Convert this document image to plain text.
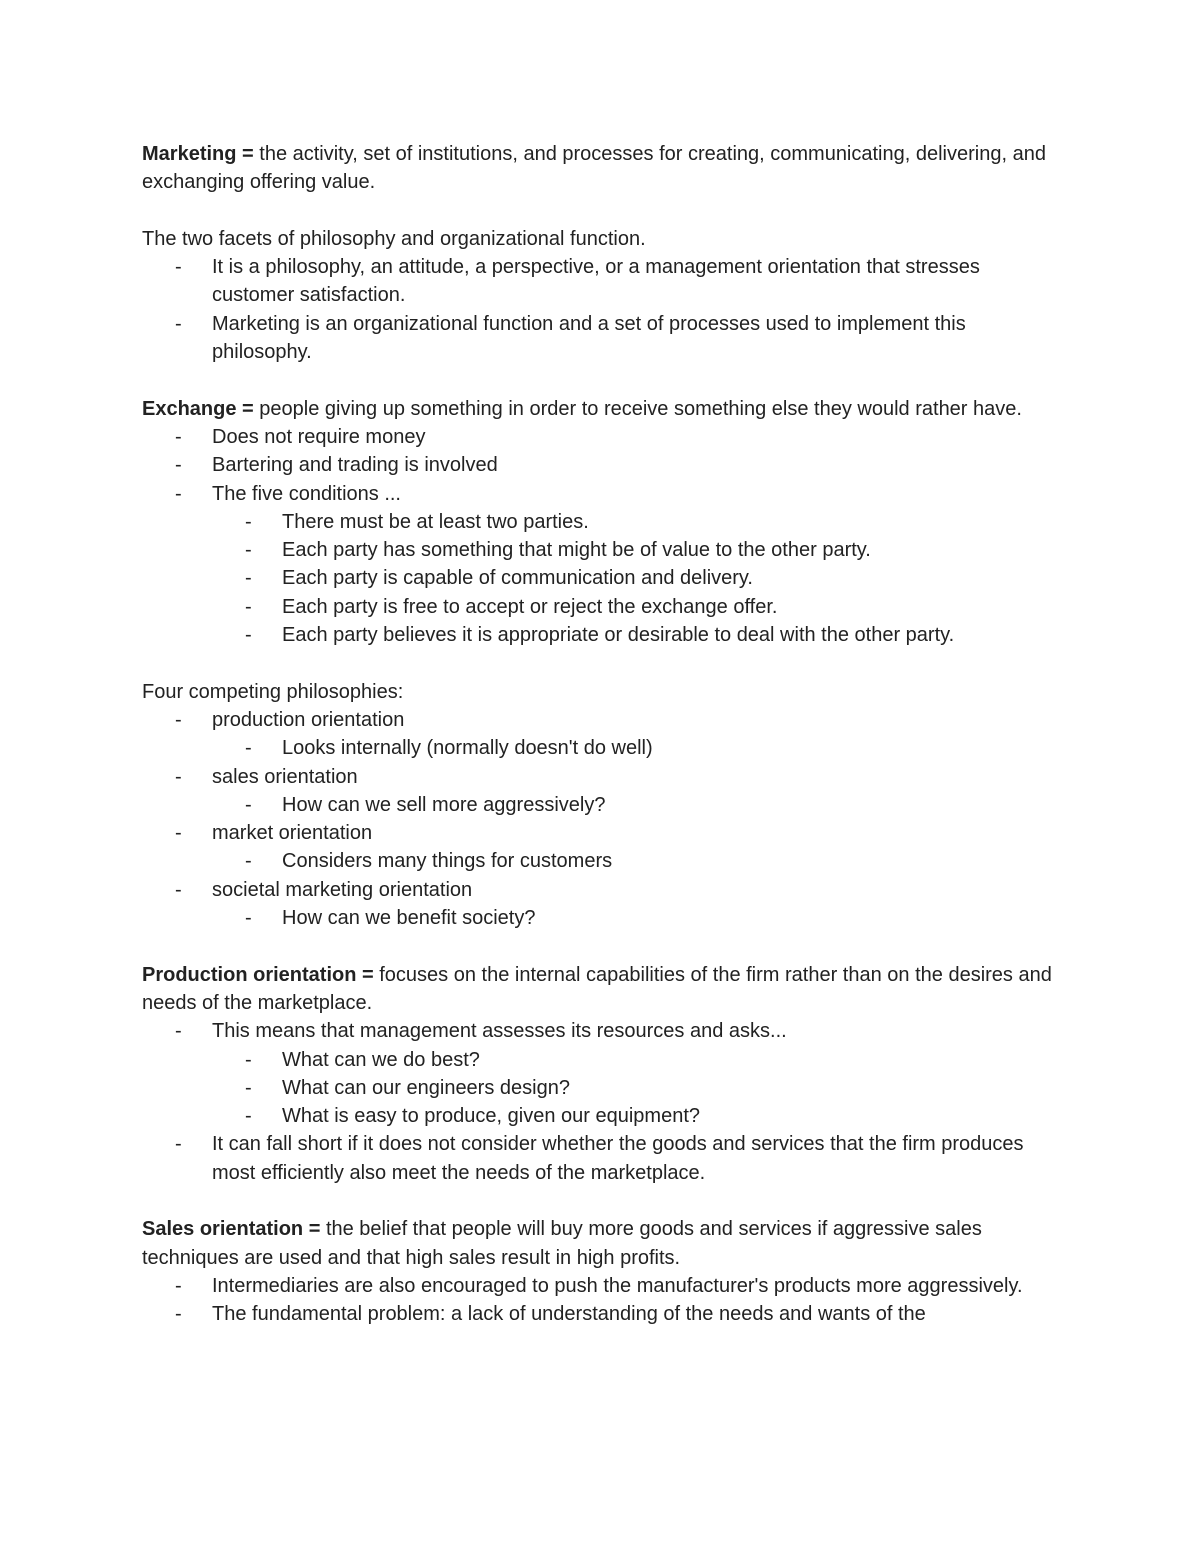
Marketing = the activity, set of institutions, and processes for creating, communicating, delivering, and exchanging offering value.

The two facets of philosophy and organizational function.

- It is a philosophy, an attitude, a perspective, or a management orientation that stresses customer satisfaction.
- Marketing is an organizational function and a set of processes used to implement this philosophy.

Exchange = people giving up something in order to receive something else they would rather have.

- Does not require money
- Bartering and trading is involved
- The five conditions ...
- There must be at least two parties.
- Each party has something that might be of value to the other party.
- Each party is capable of communication and delivery.
- Each party is free to accept or reject the exchange offer.
- Each party believes it is appropriate or desirable to deal with the other party.

Four competing philosophies:

- production orientation
- Looks internally (normally doesn't do well)
- sales orientation
- How can we sell more aggressively?
- market orientation
- Considers many things for customers
- societal marketing orientation
- How can we benefit society?

Production orientation = focuses on the internal capabilities of the firm rather than on the desires and needs of the marketplace.

- This means that management assesses its resources and asks...
- What can we do best?
- What can our engineers design?
- What is easy to produce, given our equipment?
- It can fall short if it does not consider whether the goods and services that the firm produces most efficiently also meet the needs of the marketplace.

Sales orientation = the belief that people will buy more goods and services if aggressive sales techniques are used and that high sales result in high profits.

- Intermediaries are also encouraged to push the manufacturer's products more aggressively.
- The fundamental problem: a lack of understanding of the needs and wants of the
